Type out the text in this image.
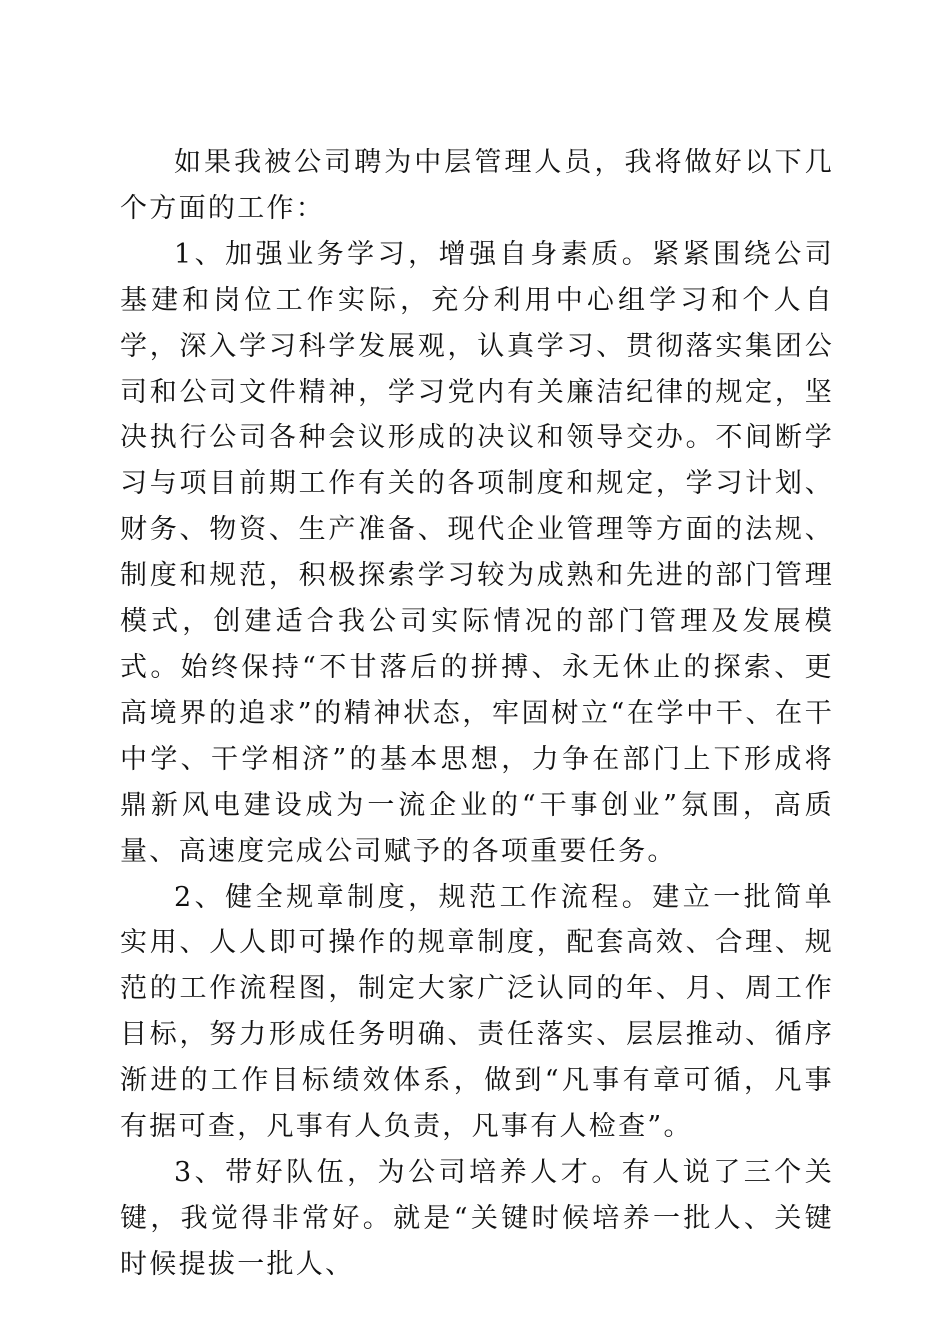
如果我被公司聘为中层管理人员，我将做好以下几个方面的工作：

1、加强业务学习，增强自身素质。紧紧围绕公司基建和岗位工作实际，充分利用中心组学习和个人自学，深入学习科学发展观，认真学习、贯彻落实集团公司和公司文件精神，学习党内有关廉洁纪律的规定，坚决执行公司各种会议形成的决议和领导交办。不间断学习与项目前期工作有关的各项制度和规定，学习计划、财务、物资、生产准备、现代企业管理等方面的法规、制度和规范，积极探索学习较为成熟和先进的部门管理模式，创建适合我公司实际情况的部门管理及发展模式。始终保持“不甘落后的拼搏、永无休止的探索、更高境界的追求”的精神状态，牢固树立“在学中干、在干中学、干学相济”的基本思想，力争在部门上下形成将鼎新风电建设成为一流企业的“干事创业”氛围，高质量、高速度完成公司赋予的各项重要任务。

2、健全规章制度，规范工作流程。建立一批简单实用、人人即可操作的规章制度，配套高效、合理、规范的工作流程图，制定大家广泛认同的年、月、周工作目标，努力形成任务明确、责任落实、层层推动、循序渐进的工作目标绩效体系，做到“凡事有章可循，凡事有据可查，凡事有人负责，凡事有人检查”。

3、带好队伍，为公司培养人才。有人说了三个关键，我觉得非常好。就是“关键时候培养一批人、关键时候提拔一批人、
